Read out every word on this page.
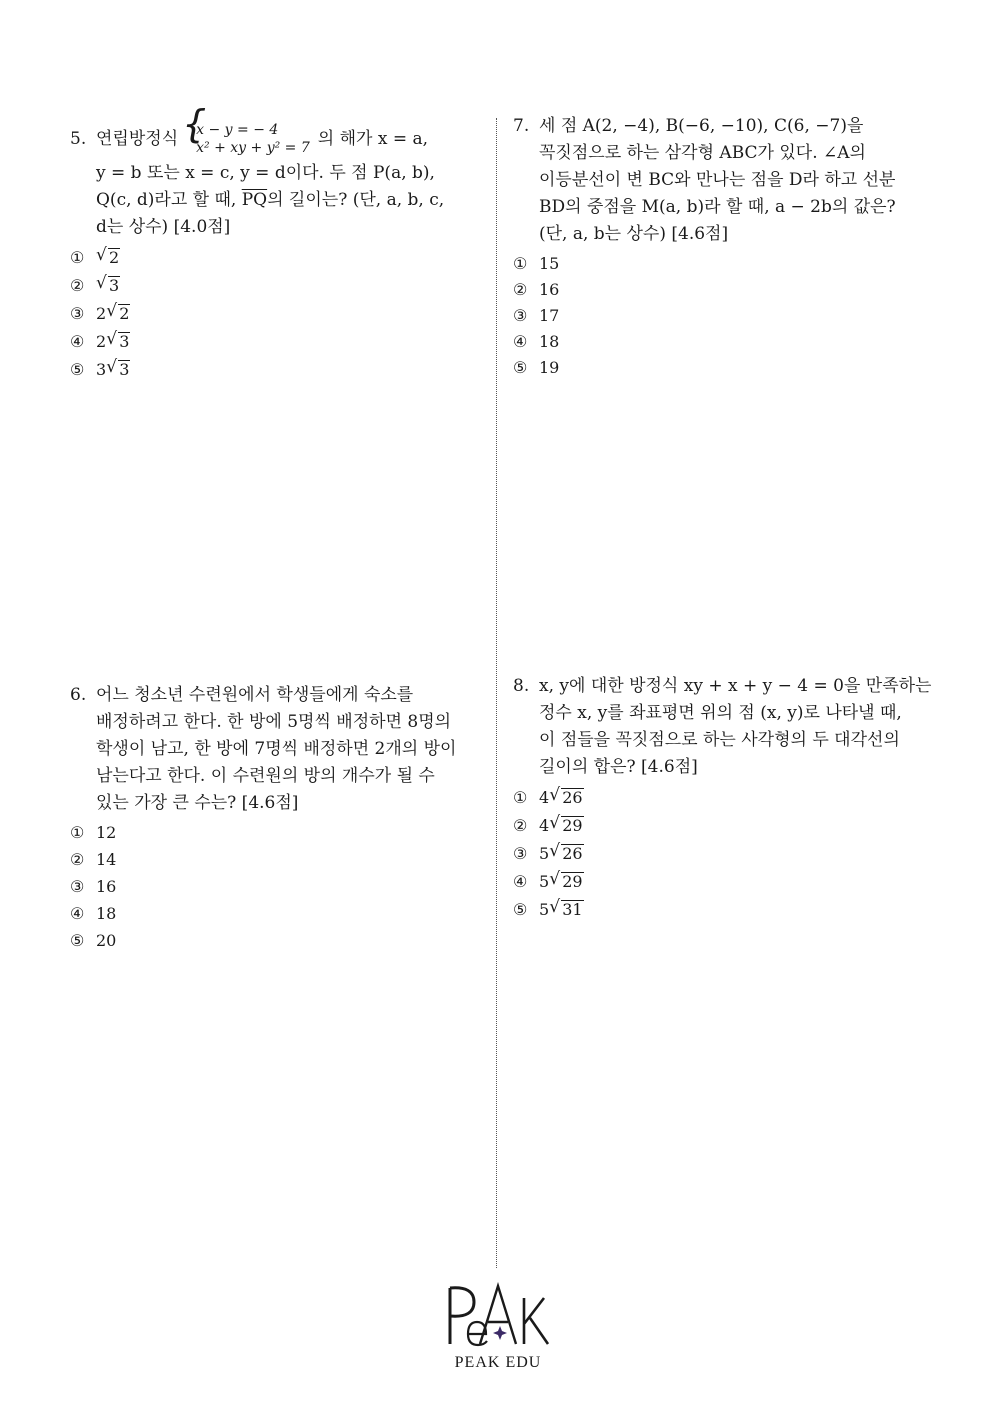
5. 연립방정식 { x − y = − 4
x² + xy + y² = 7 의 해가 x = a,
y = b 또는 x = c, y = d이다. 두 점 P(a, b),
Q(c, d)라고 할 때, $\overline{PQ}$의 길이는? (단, a, b, c,
d는 상수) [4.0점]
①	√ 2
②	√ 3
③ 2 √ 2
④ 2 √ 3
⑤ 3 √ 3
7. 세 점 A(2, −4), B(−6, −10), C(6, −7)을
꼭짓점으로 하는 삼각형 ABC가 있다. ∠A의
이등분선이 변 BC와 만나는 점을 D라 하고 선분
BD의 중점을 M(a, b)라 할 때, a − 2b의 값은?
(단, a, b는 상수) [4.6점]
① 15
② 16
③ 17
④ 18
⑤ 19
6. 어느 청소년 수련원에서 학생들에게 숙소를
배정하려고 한다. 한 방에 5명씩 배정하면 8명의
학생이 남고, 한 방에 7명씩 배정하면 2개의 방이
남는다고 한다. 이 수련원의 방의 개수가 될 수
있는 가장 큰 수는? [4.6점]
① 12
② 14
③ 16
④ 18
⑤ 20
8. x, y에 대한 방정식 xy + x + y − 4 = 0을 만족하는
정수 x, y를 좌표평면 위의 점 (x, y)로 나타낼 때,
이 점들을 꼭짓점으로 하는 사각형의 두 대각선의
길이의 합은? [4.6점]
① 4 √ 26
② 4 √ 29
③ 5 √ 26
④ 5 √ 29
⑤ 5 √ 31
PEAK EDU
